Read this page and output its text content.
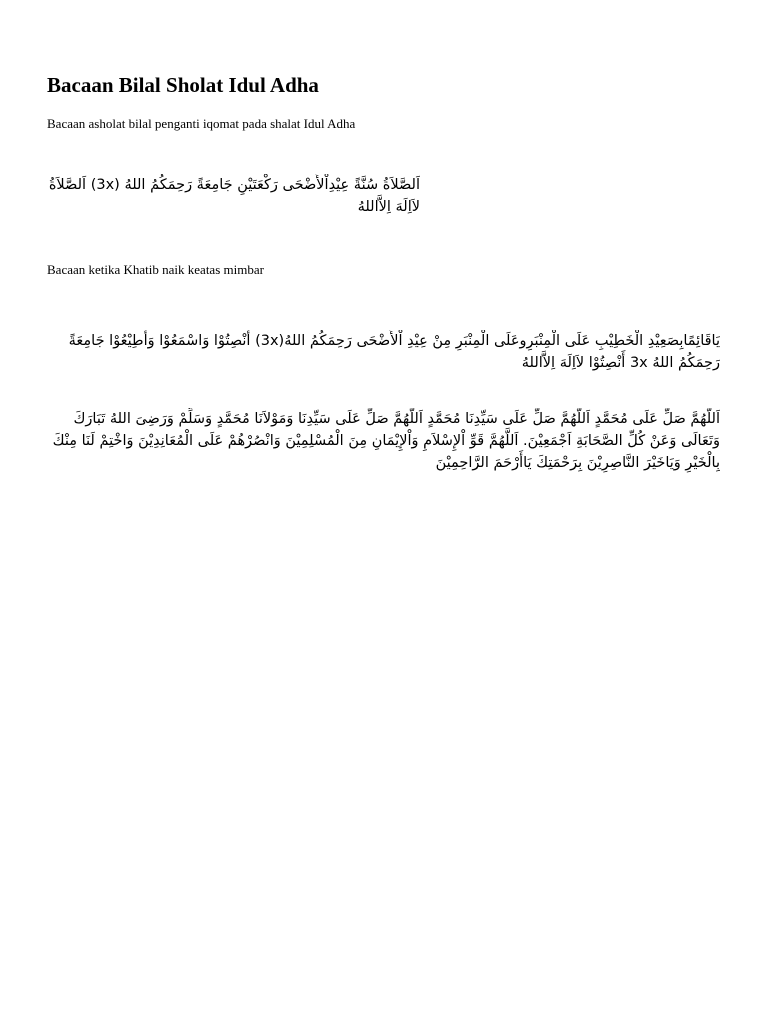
Bacaan Bilal Sholat Idul Adha

Bacaan asholat bilal penganti iqomat pada shalat Idul Adha

اَلصَّلاَةُ سُنَّةً عِيْدِاْلأَضْحَى رَكْعَتَيْنِ جَامِعَةً رَحِمَكُمُ اللهُ (3x) اَلصَّلاَةُ لاَاِلَهَ اِلاَّاللهُ

Bacaan ketika Khatib naik keatas mimbar

يَاقَائِمًابِصَعِيْدِ الْخَطِيْبِ عَلَى الْمِنْبَرِوعَلَى الْمِنْبَرِ مِنْ عِيْدِ اْلأَضْحَى رَحِمَكُمُ اللهُ(3x) أَنْصِتُوْا وَاسْمَعُوْا وَأَطِيْعُوْا جَامِعَةً رَحِمَكُمُ اللهُ 3x أَنْصِتُوْا لاَاِلَهَ اِلاَّاللهُ

اَللَّهُمَّ صَلِّ عَلَى مُحَمَّدٍ اَللَّهُمَّ صَلِّ عَلَى سَيِّدِنَا مُحَمَّدٍ اَللَّهُمَّ صَلِّ عَلَى سَيِّدِنَا وَمَوْلاَنَا مُحَمَّدٍ وَسَلِّمْ وَرَضِىَ اللهُ تَبَارَكَ وَتَعَالَى وَعَنْ كُلِّ الصَّحَابَةِ اَجْمَعِيْنَ. اَللَّهُمَّ قَوِّ اْلإِسْلاَمِ وَاْلإِيْمَانِ مِنَ الْمُسْلِمِيْنَ وَانْصُرْهُمْ عَلَى الْمُعَانِدِيْنَ وَاخْتِمْ لَنَا مِنْكَ بِالْخَيْرِ وَيَاخَيْرَ النَّاصِرِيْنَ بِرَحْمَتِكَ يَاأَرْحَمَ الرَّاحِمِيْنَ
